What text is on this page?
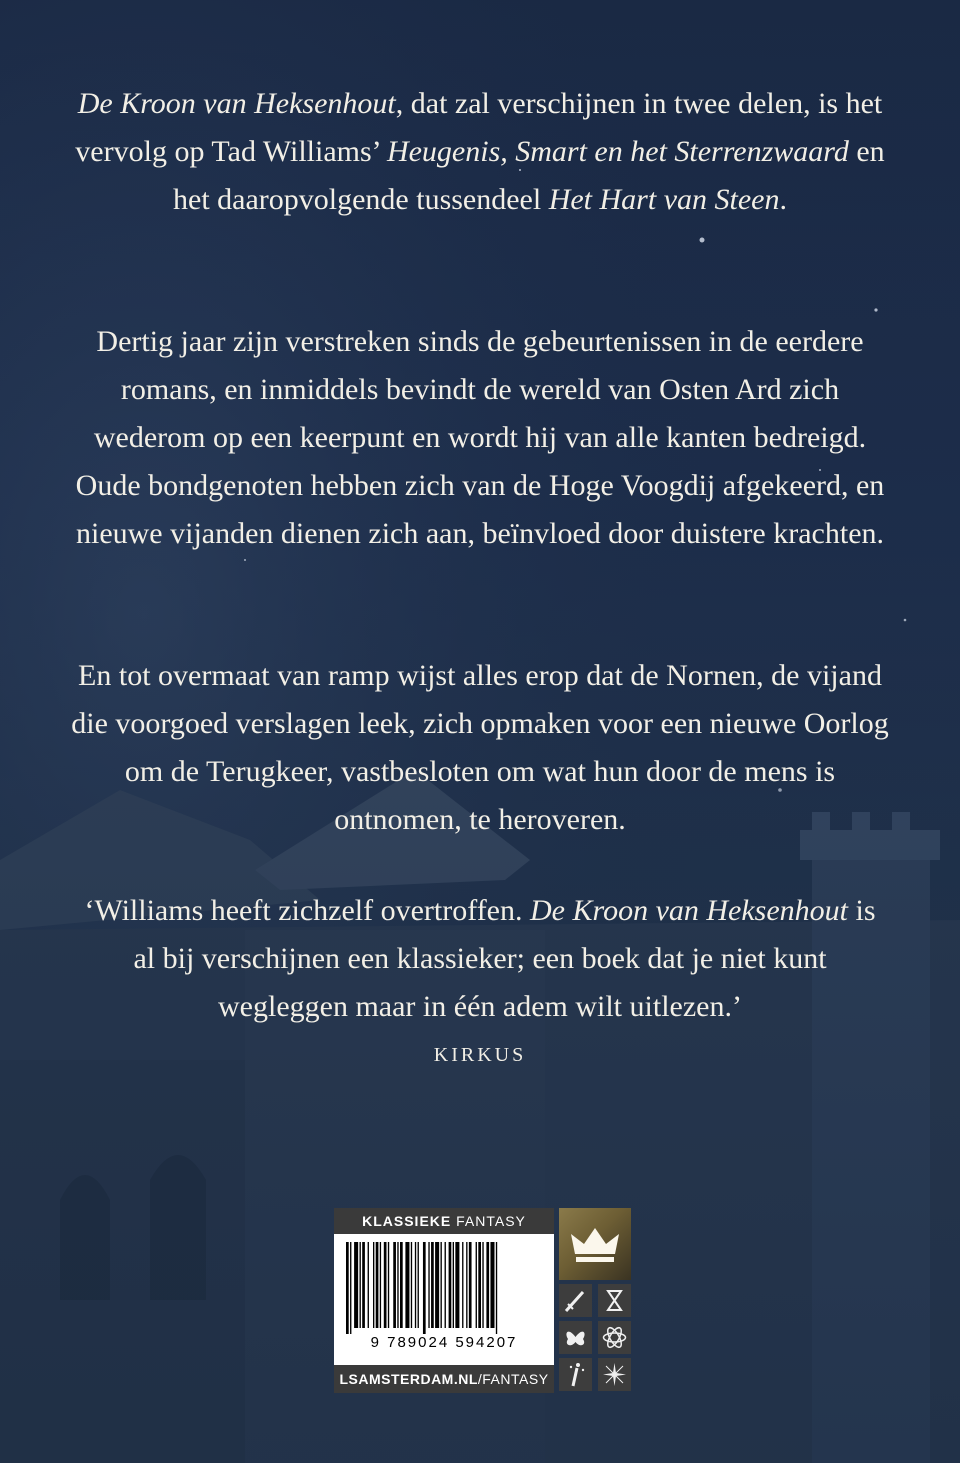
De Kroon van Heksenhout, dat zal verschijnen in twee delen, is het vervolg op Tad Williams’ Heugenis, Smart en het Sterrenzwaard en het daaropvolgende tussendeel Het Hart van Steen.

Dertig jaar zijn verstreken sinds de gebeurtenissen in de eerdere romans, en inmiddels bevindt de wereld van Osten Ard zich wederom op een keerpunt en wordt hij van alle kanten bedreigd. Oude bondgenoten hebben zich van de Hoge Voogdij afgekeerd, en nieuwe vijanden dienen zich aan, beïnvloed door duistere krachten.

En tot overmaat van ramp wijst alles erop dat de Nornen, de vijand die voorgoed verslagen leek, zich opmaken voor een nieuwe Oorlog om de Terugkeer, vastbesloten om wat hun door de mens is ontnomen, te heroveren.

‘Williams heeft zichzelf overtroffen. De Kroon van Heksenhout is al bij verschijnen een klassieker; een boek dat je niet kunt wegleggen maar in één adem wilt uitlezen.’

KIRKUS
KLASSIEKE FANTASY
9 789024 594207
LSAMSTERDAM.NL/FANTASY
